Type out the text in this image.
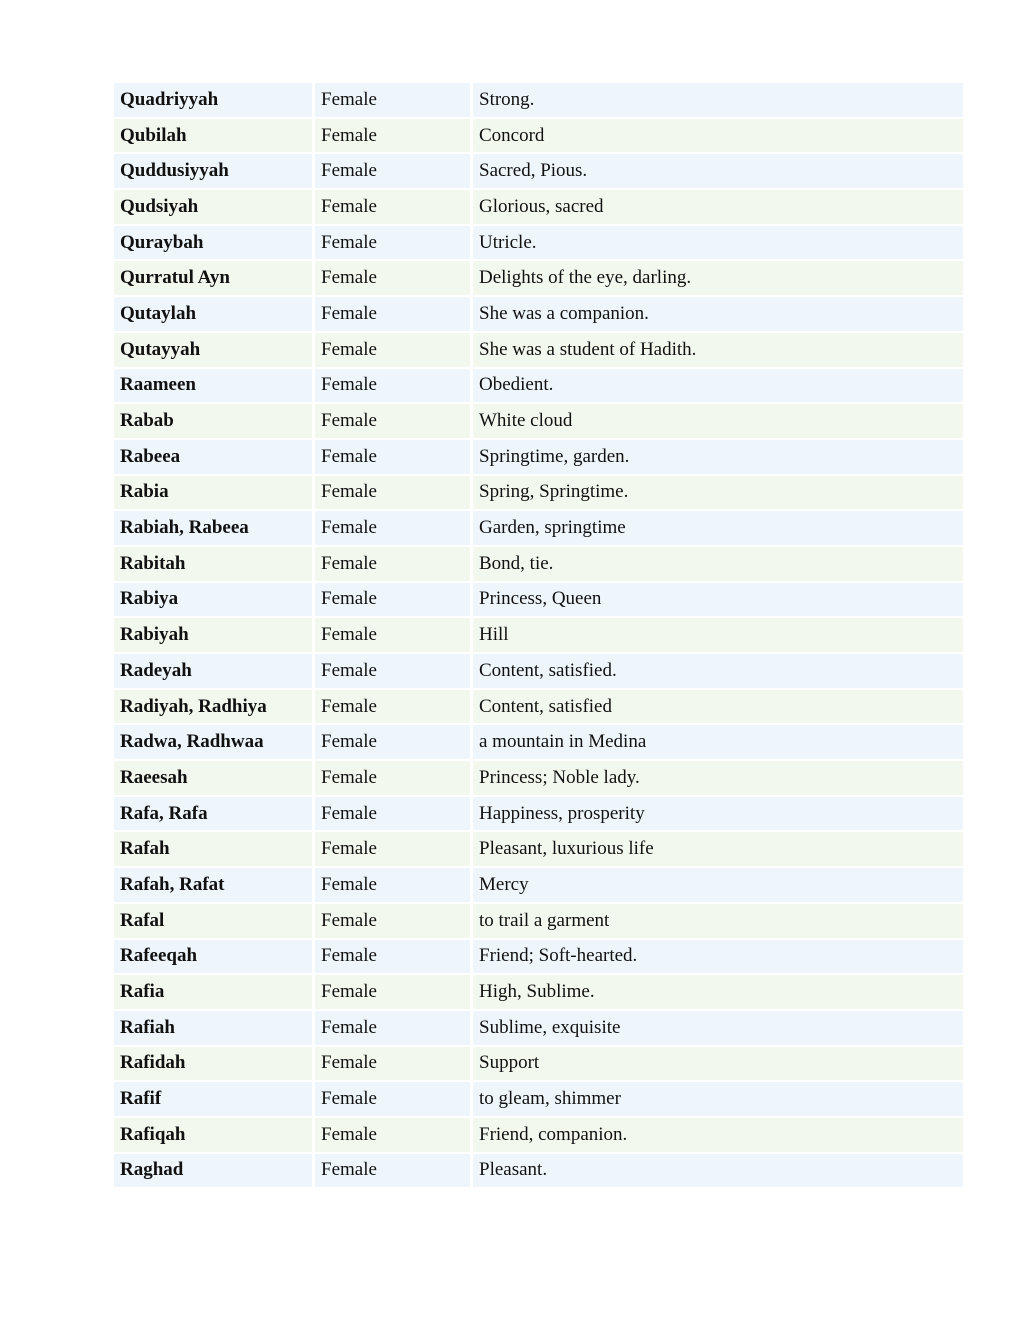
Quadriyyah	Female	Strong.
Qubilah	Female	Concord
Quddusiyyah	Female	Sacred, Pious.
Qudsiyah	Female	Glorious, sacred
Quraybah	Female	Utricle.
Qurratul Ayn	Female	Delights of the eye, darling.
Qutaylah	Female	She was a companion.
Qutayyah	Female	She was a student of Hadith.
Raameen	Female	Obedient.
Rabab	Female	White cloud
Rabeea	Female	Springtime, garden.
Rabia	Female	Spring, Springtime.
Rabiah, Rabeea	Female	Garden, springtime
Rabitah	Female	Bond, tie.
Rabiya	Female	Princess, Queen
Rabiyah	Female	Hill
Radeyah	Female	Content, satisfied.
Radiyah, Radhiya	Female	Content, satisfied
Radwa, Radhwaa	Female	a mountain in Medina
Raeesah	Female	Princess; Noble lady.
Rafa, Rafa	Female	Happiness, prosperity
Rafah	Female	Pleasant, luxurious life
Rafah, Rafat	Female	Mercy
Rafal	Female	to trail a garment
Rafeeqah	Female	Friend; Soft-hearted.
Rafia	Female	High, Sublime.
Rafiah	Female	Sublime, exquisite
Rafidah	Female	Support
Rafif	Female	to gleam, shimmer
Rafiqah	Female	Friend, companion.
Raghad	Female	Pleasant.
